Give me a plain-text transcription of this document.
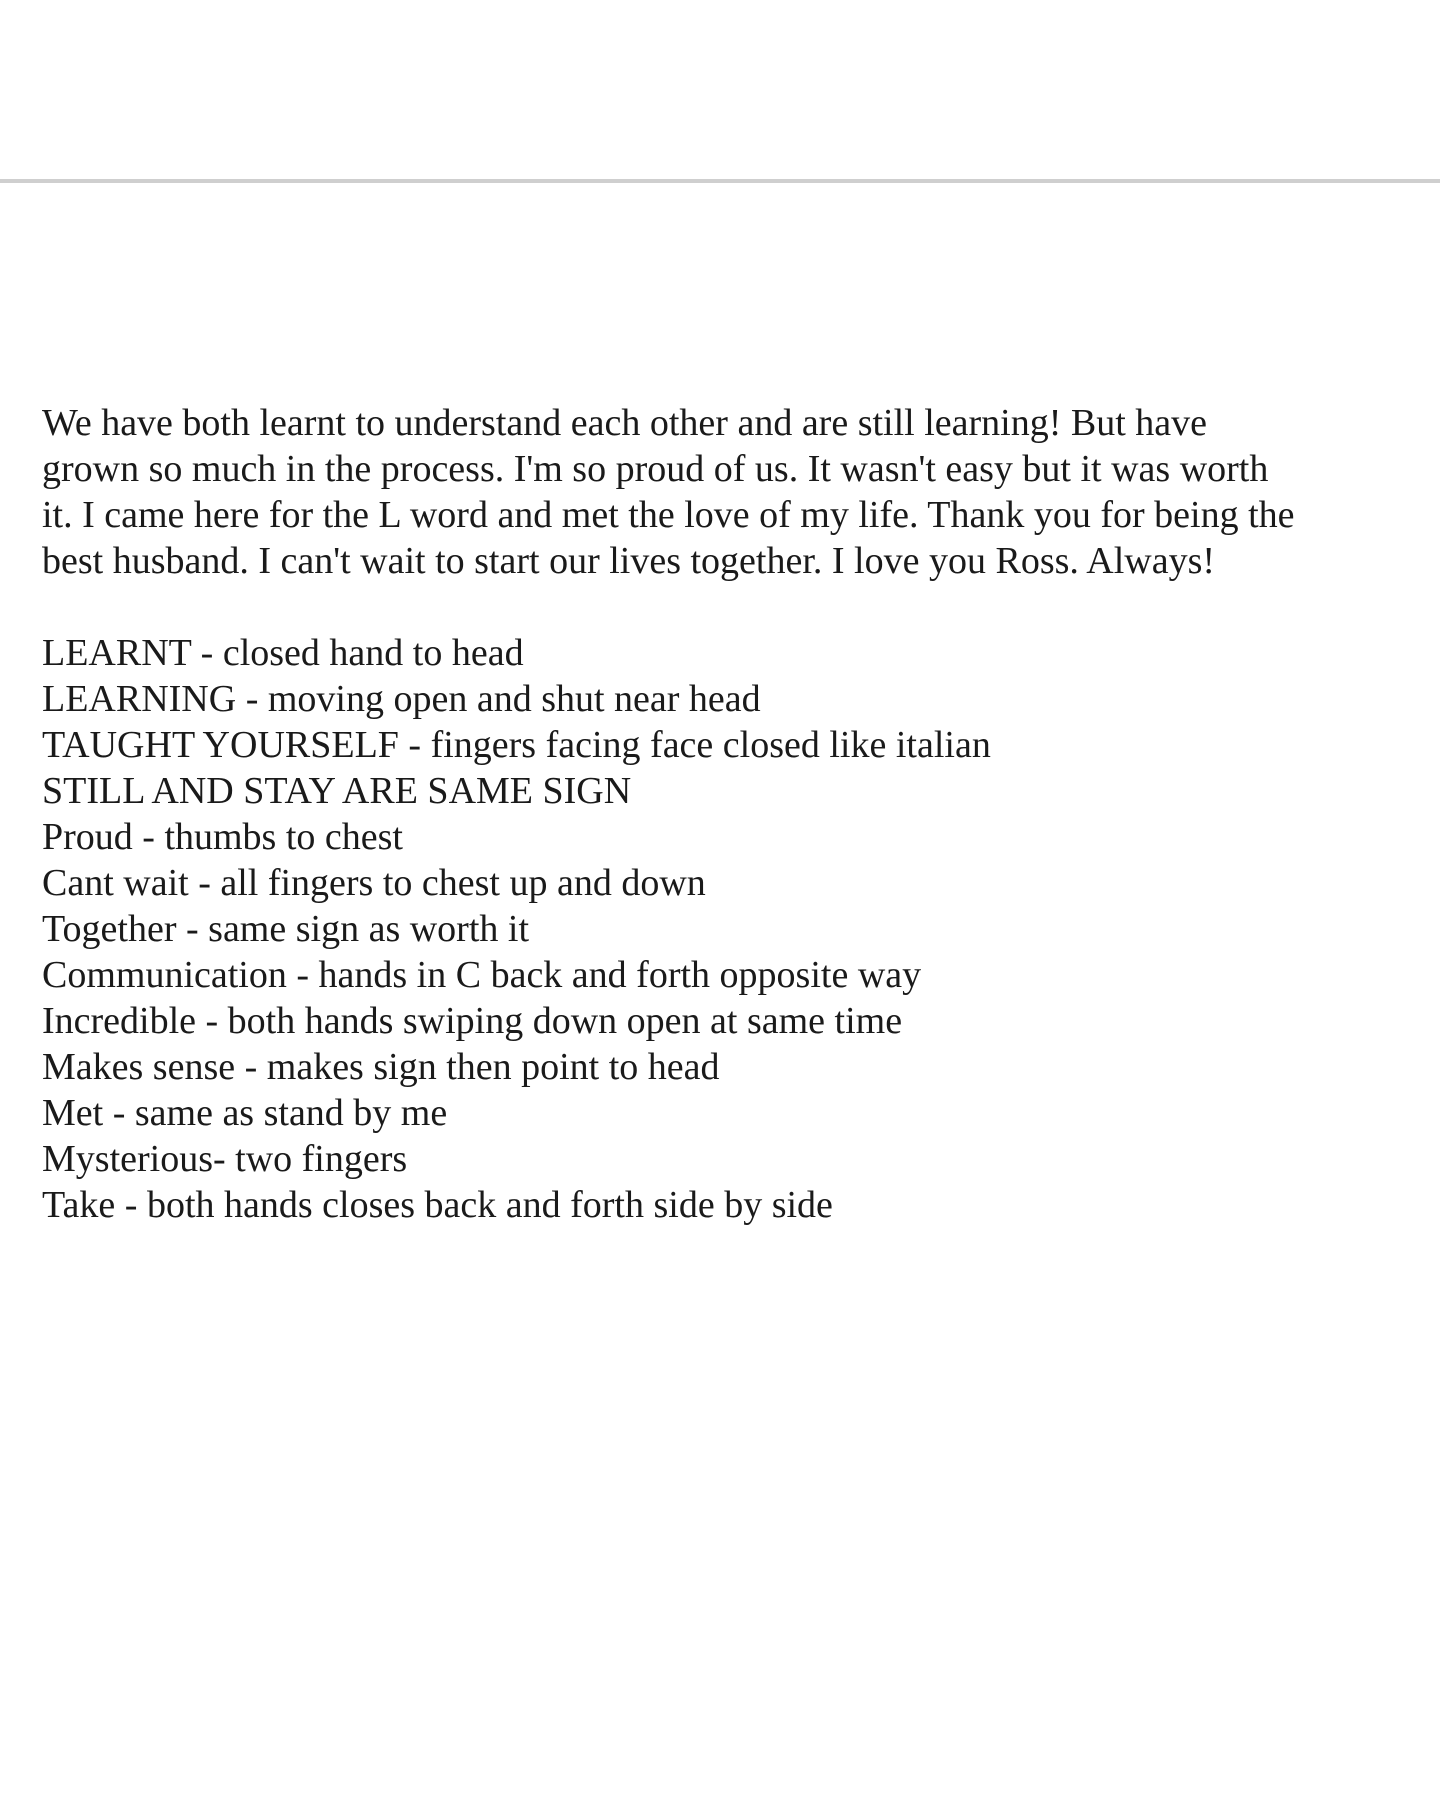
We have both learnt to understand each other and are still learning! But have

grown so much in the process. I'm so proud of us. It wasn't easy but it was worth

it. I came here for the L word and met the love of my life. Thank you for being the

best husband. I can't wait to start our lives together. I love you Ross. Always!

LEARNT - closed hand to head
LEARNING - moving open and shut near head
TAUGHT YOURSELF - fingers facing face closed like italian
STILL AND STAY ARE SAME SIGN
Proud - thumbs to chest
Cant wait - all fingers to chest up and down
Together - same sign as worth it
Communication - hands in C back and forth opposite way
Incredible - both hands swiping down open at same time
Makes sense - makes sign then point to head
Met - same as stand by me
Mysterious- two fingers
Take - both hands closes back and forth side by side
